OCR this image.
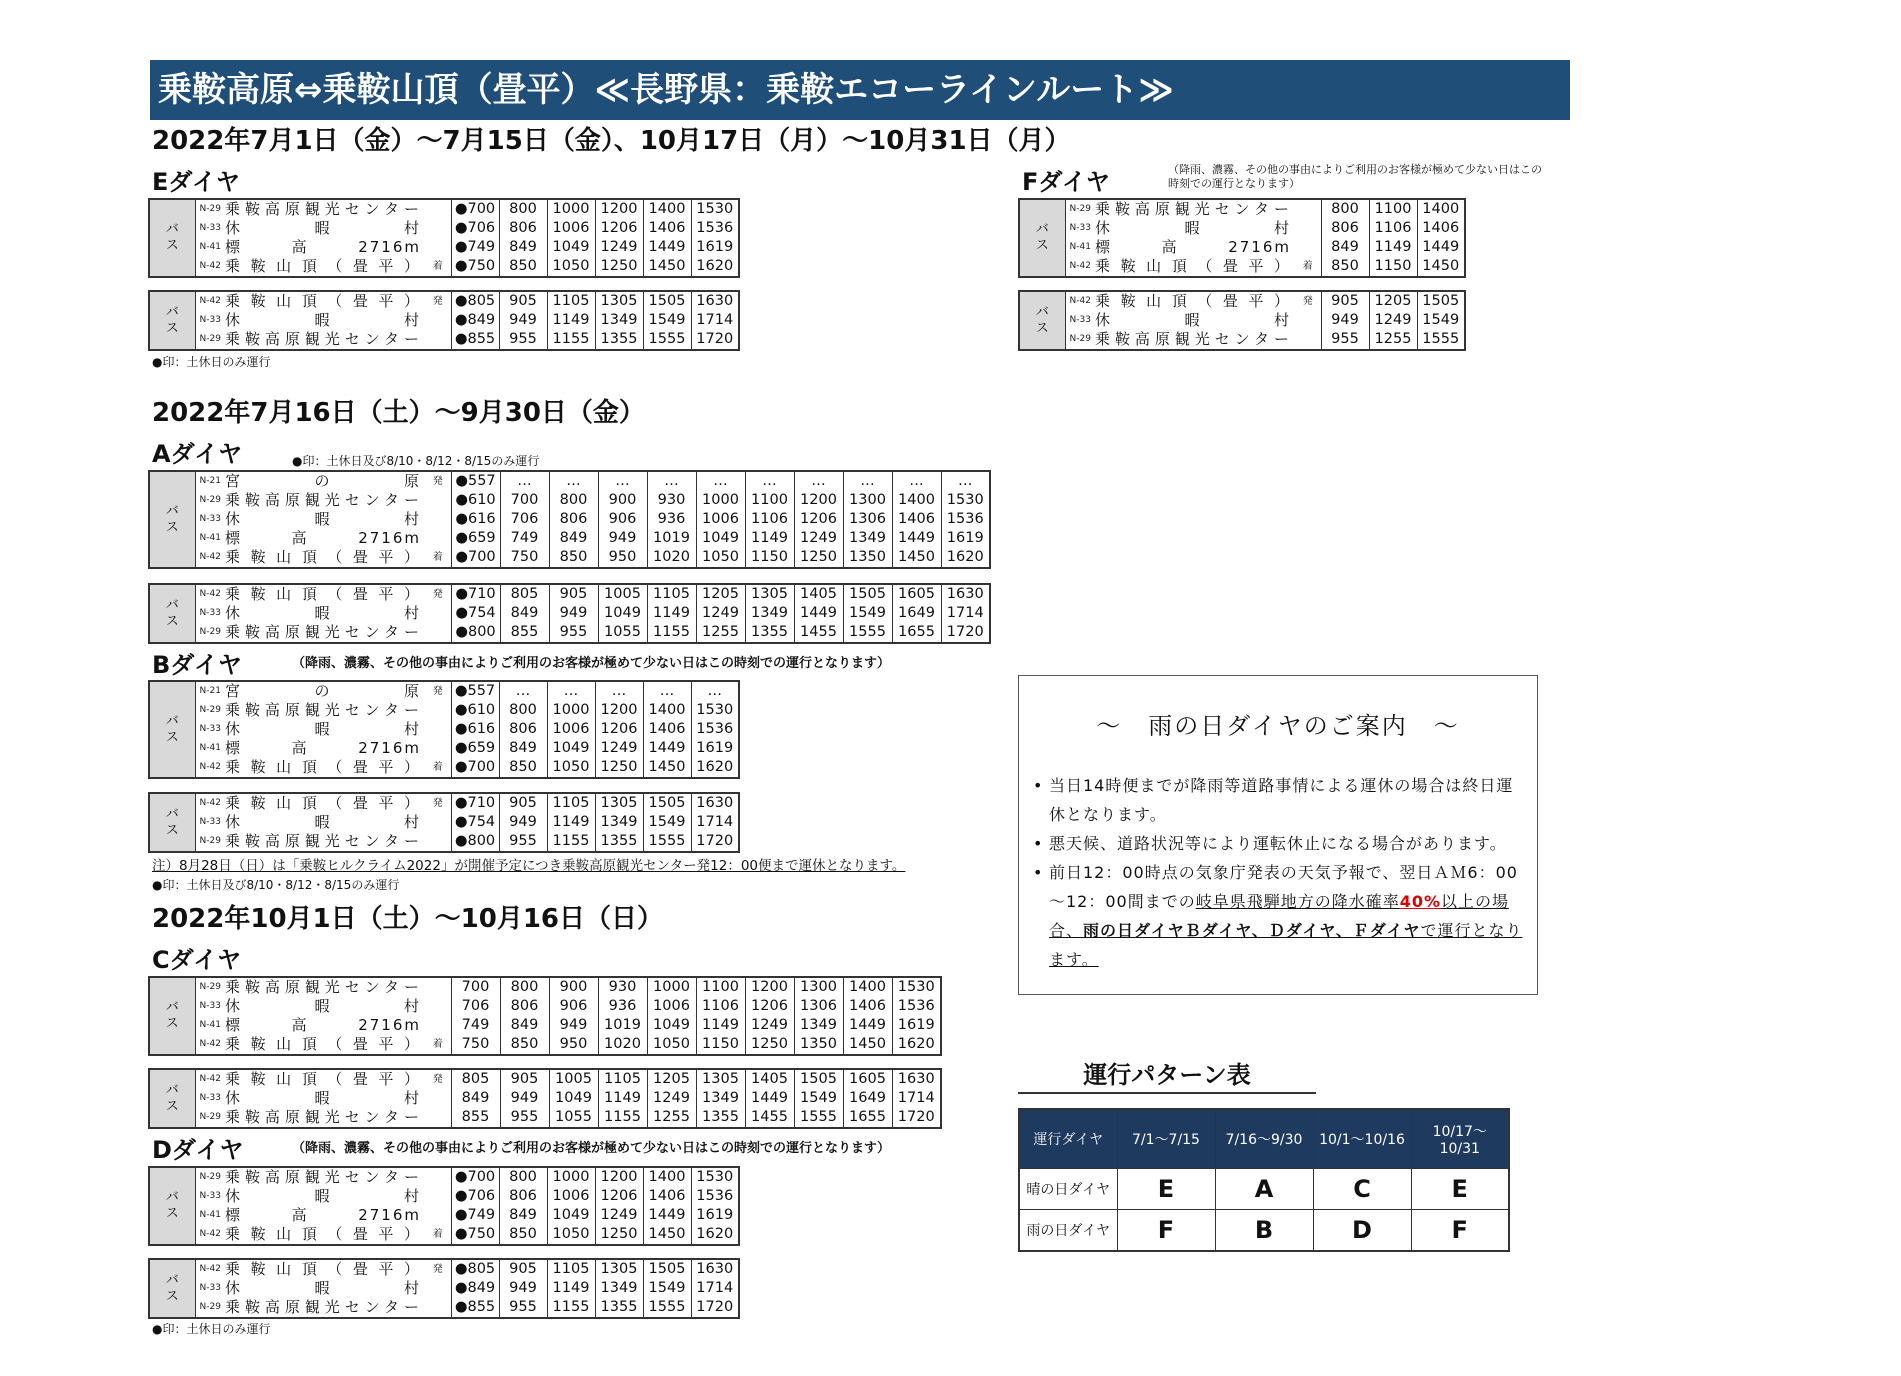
乗鞍高原⇔乗鞍山頂（畳平）≪長野県：乗鞍エコーラインルート≫
2022年7月1日（金）～7月15日（金）、10月17日（月）～10月31日（月）
Eダイヤ	Fダイヤ	（降雨、濃霧、その他の事由によりご利用のお客様が極めて少ない日はこの時刻での運行となります）
バ
ス	N-29	乗鞍高原観光センター		●700	800	1000	1200	1400	1530
	N-33	休暇村		●706	806	1006	1206	1406	1536
	N-41	標高2716m		●749	849	1049	1249	1449	1619
	N-42	乗鞍山頂（畳平）	着	●750	850	1050	1250	1450	1620
バ
ス	N-42	乗鞍山頂（畳平）	発	●805	905	1105	1305	1505	1630
	N-33	休暇村		●849	949	1149	1349	1549	1714
	N-29	乗鞍高原観光センター		●855	955	1155	1355	1555	1720
●印：土休日のみ運行
バ
ス	N-29	乗鞍高原観光センター		800	1100	1400
	N-33	休暇村		806	1106	1406
	N-41	標高2716m		849	1149	1449
	N-42	乗鞍山頂（畳平）	着	850	1150	1450
バ
ス	N-42	乗鞍山頂（畳平）	発	905	1205	1505
	N-33	休暇村		949	1249	1549
	N-29	乗鞍高原観光センター		955	1255	1555
2022年7月16日（土）～9月30日（金）
Aダイヤ	●印：土休日及び8/10・8/12・8/15のみ運行
バ
ス	N-21	宮の原	発	●557	…	…	…	…	…	…	…	…	…	…
	N-29	乗鞍高原観光センター		●610	700	800	900	930	1000	1100	1200	1300	1400	1530
	N-33	休暇村		●616	706	806	906	936	1006	1106	1206	1306	1406	1536
	N-41	標高2716m		●659	749	849	949	1019	1049	1149	1249	1349	1449	1619
	N-42	乗鞍山頂（畳平）	着	●700	750	850	950	1020	1050	1150	1250	1350	1450	1620
バ
ス	N-42	乗鞍山頂（畳平）	発	●710	805	905	1005	1105	1205	1305	1405	1505	1605	1630
	N-33	休暇村		●754	849	949	1049	1149	1249	1349	1449	1549	1649	1714
	N-29	乗鞍高原観光センター		●800	855	955	1055	1155	1255	1355	1455	1555	1655	1720
Bダイヤ	（降雨、濃霧、その他の事由によりご利用のお客様が極めて少ない日はこの時刻での運行となります）
バ
ス	N-21	宮の原	発	●557	…	…	…	…	…
	N-29	乗鞍高原観光センター		●610	800	1000	1200	1400	1530
	N-33	休暇村		●616	806	1006	1206	1406	1536
	N-41	標高2716m		●659	849	1049	1249	1449	1619
	N-42	乗鞍山頂（畳平）	着	●700	850	1050	1250	1450	1620
バ
ス	N-42	乗鞍山頂（畳平）	発	●710	905	1105	1305	1505	1630
	N-33	休暇村		●754	949	1149	1349	1549	1714
	N-29	乗鞍高原観光センター		●800	955	1155	1355	1555	1720
注）8月28日（日）は「乗鞍ヒルクライム2022」が開催予定につき乗鞍高原観光センター発12：00便まで運休となります。
●印：土休日及び8/10・8/12・8/15のみ運行
2022年10月1日（土）～10月16日（日）
Cダイヤ
バ
ス	N-29	乗鞍高原観光センター		700	800	900	930	1000	1100	1200	1300	1400	1530
	N-33	休暇村		706	806	906	936	1006	1106	1206	1306	1406	1536
	N-41	標高2716m		749	849	949	1019	1049	1149	1249	1349	1449	1619
	N-42	乗鞍山頂（畳平）	着	750	850	950	1020	1050	1150	1250	1350	1450	1620
バ
ス	N-42	乗鞍山頂（畳平）	発	805	905	1005	1105	1205	1305	1405	1505	1605	1630
	N-33	休暇村		849	949	1049	1149	1249	1349	1449	1549	1649	1714
	N-29	乗鞍高原観光センター		855	955	1055	1155	1255	1355	1455	1555	1655	1720
Dダイヤ	（降雨、濃霧、その他の事由によりご利用のお客様が極めて少ない日はこの時刻での運行となります）
バ
ス	N-29	乗鞍高原観光センター		●700	800	1000	1200	1400	1530
	N-33	休暇村		●706	806	1006	1206	1406	1536
	N-41	標高2716m		●749	849	1049	1249	1449	1619
	N-42	乗鞍山頂（畳平）	着	●750	850	1050	1250	1450	1620
バ
ス	N-42	乗鞍山頂（畳平）	発	●805	905	1105	1305	1505	1630
	N-33	休暇村		●849	949	1149	1349	1549	1714
	N-29	乗鞍高原観光センター		●855	955	1155	1355	1555	1720
●印：土休日のみ運行
～　雨の日ダイヤのご案内　～
• 当日14時便までが降雨等道路事情による運休の場合は終日運休となります。
• 悪天候、道路状況等により運転休止になる場合があります。
• 前日12：00時点の気象庁発表の天気予報で、翌日ＡＭ6：00～12：00間までの岐阜県飛騨地方の降水確率40%以上の場合、雨の日ダイヤＢダイヤ、Ｄダイヤ、Ｆダイヤで運行となります。
運行パターン表
運行ダイヤ	7/1～7/15	7/16～9/30	10/1～10/16	10/17～10/31
晴の日ダイヤ	E	A	C	E
雨の日ダイヤ	F	B	D	F
